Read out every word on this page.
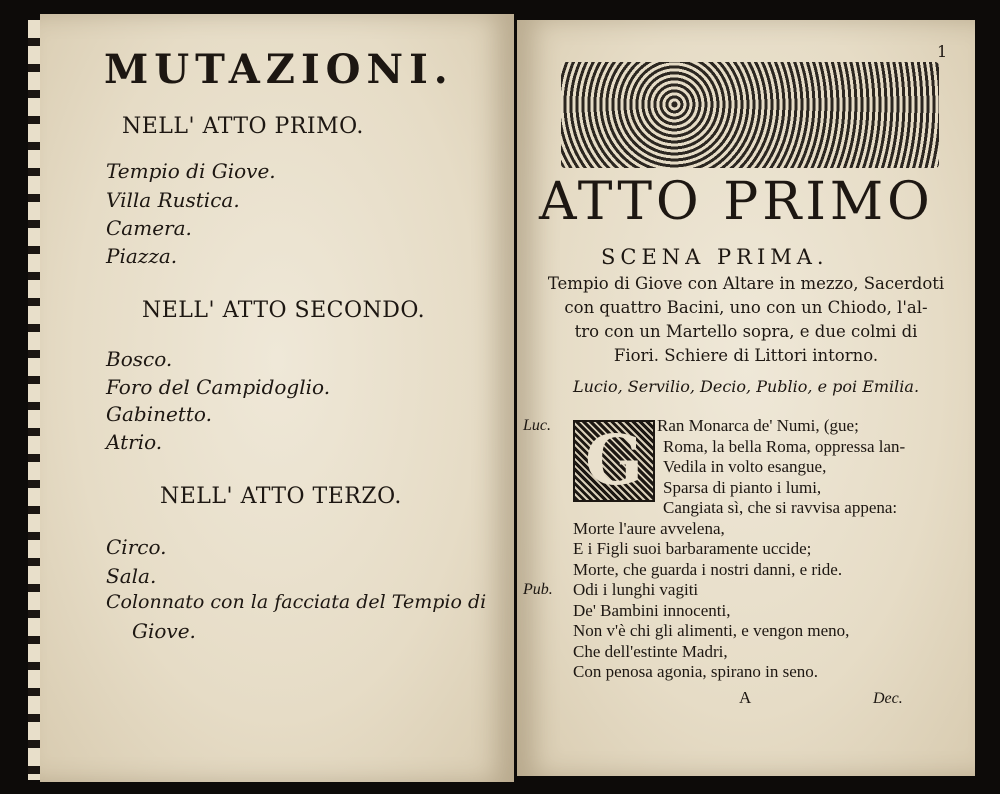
MUTAZIONI.
NELL' ATTO PRIMO.
Tempio di Giove.
Villa Rustica.
Camera.
Piazza.
NELL' ATTO SECONDO.
Bosco.
Foro del Campidoglio.
Gabinetto.
Atrio.
NELL' ATTO TERZO.
Circo.
Sala.
Colonnato con la facciata del Tempio di
Giove.
1
ATTO PRIMO
SCENA PRIMA.
Tempio di Giove con Altare in mezzo, Sacerdoti
con quattro Bacini, uno con un Chiodo, l'al-
tro con un Martello sopra, e due colmi di
Fiori. Schiere di Littori intorno.
Lucio, Servilio, Decio, Publio, e poi Emilia.
G
Luc.	Ran Monarca de' Numi, (gue;
Roma, la bella Roma, oppressa lan-
Vedila in volto esangue,
Sparsa di pianto i lumi,
Cangiata sì, che si ravvisa appena:
Morte l'aure avvelena,
E i Figli suoi barbaramente uccide;
Morte, che guarda i nostri danni, e ride.
Pub. Odi i lunghi vagiti
De' Bambini innocenti,
Non v'è chi gli alimenti, e vengon meno,
Che dell'estinte Madri,
Con penosa agonia, spirano in seno.
A	Dec.
